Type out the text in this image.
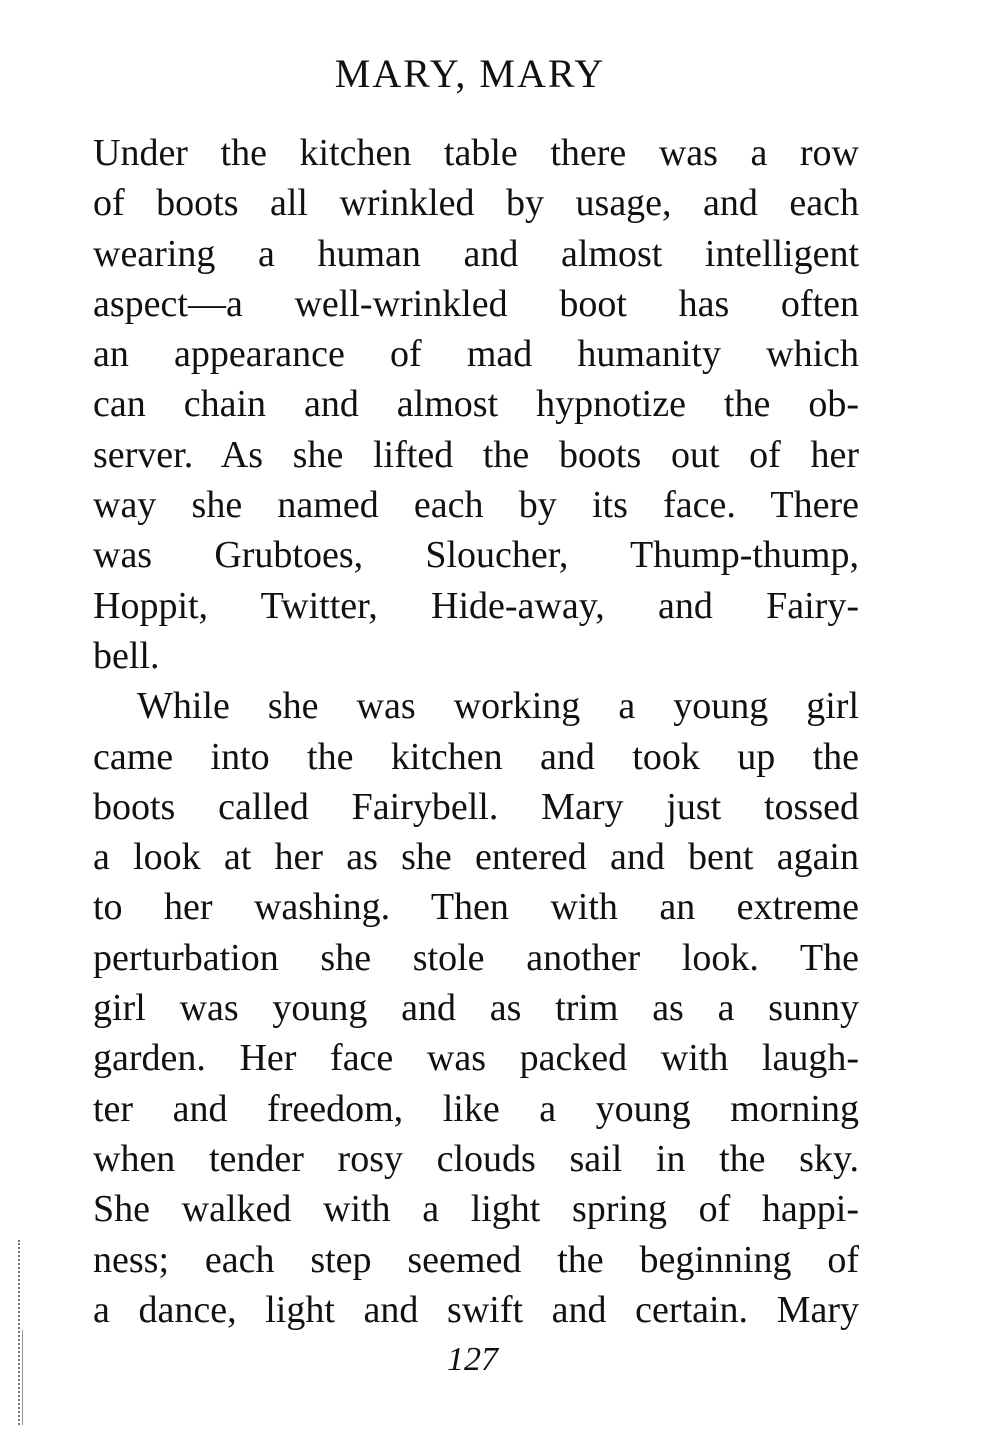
MARY, MARY
Under the kitchen table there was a row
of boots all wrinkled by usage, and each
wearing a human and almost intelligent
aspect—a well-wrinkled boot has often
an appearance of mad humanity which
can chain and almost hypnotize the ob-
server. As she lifted the boots out of her
way she named each by its face. There
was Grubtoes, Sloucher, Thump-thump,
Hoppit, Twitter, Hide-away, and Fairy-
bell.
While she was working a young girl
came into the kitchen and took up the
boots called Fairybell. Mary just tossed
a look at her as she entered and bent again
to her washing. Then with an extreme
perturbation she stole another look. The
girl was young and as trim as a sunny
garden. Her face was packed with laugh-
ter and freedom, like a young morning
when tender rosy clouds sail in the sky.
She walked with a light spring of happi-
ness; each step seemed the beginning of
a dance, light and swift and certain. Mary
127
